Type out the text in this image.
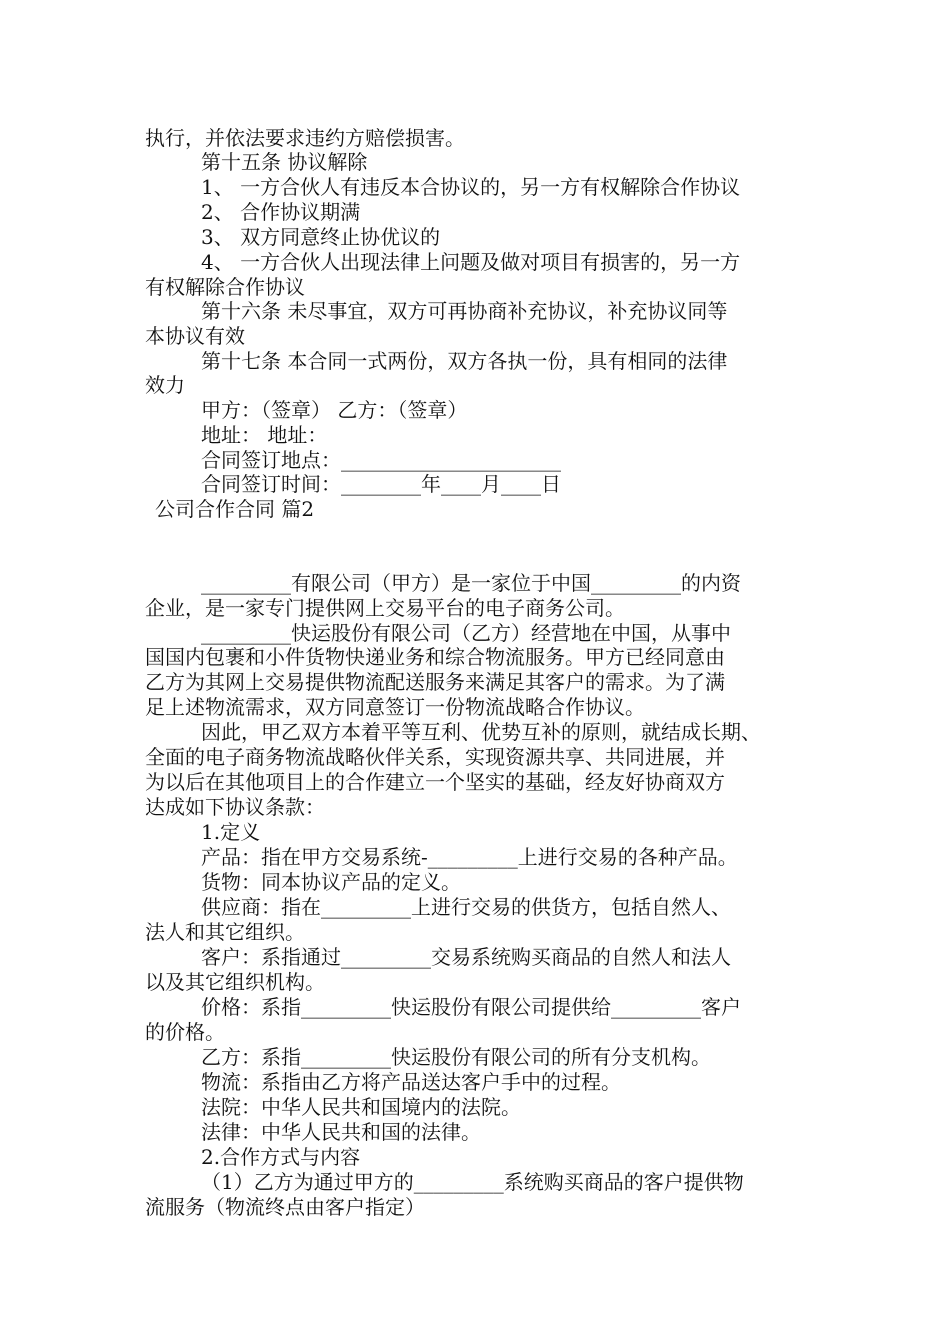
执行，并依法要求违约方赔偿损害。
第十五条 协议解除
1、 一方合伙人有违反本合协议的，另一方有权解除合作协议
2、 合作协议期满
3、 双方同意终止协优议的
4、 一方合伙人出现法律上问题及做对项目有损害的，另一方
有权解除合作协议
第十六条 未尽事宜，双方可再协商补充协议，补充协议同等
本协议有效
第十七条 本合同一式两份，双方各执一份，具有相同的法律
效力
甲方：（签章） 乙方：（签章）
地址： 地址：
合同签订地点：______________________
合同签订时间：________年____月____日
公司合作合同 篇2
_________有限公司（甲方）是一家位于中国_________的内资
企业，是一家专门提供网上交易平台的电子商务公司。
_________快运股份有限公司（乙方）经营地在中国，从事中
国国内包裹和小件货物快递业务和综合物流服务。甲方已经同意由
乙方为其网上交易提供物流配送服务来满足其客户的需求。为了满
足上述物流需求，双方同意签订一份物流战略合作协议。
因此，甲乙双方本着平等互利、优势互补的原则，就结成长期、
全面的电子商务物流战略伙伴关系，实现资源共享、共同进展，并
为以后在其他项目上的合作建立一个坚实的基础，经友好协商双方
达成如下协议条款：
1.定义
产品：指在甲方交易系统-_________上进行交易的各种产品。
货物：同本协议产品的定义。
供应商：指在_________上进行交易的供货方，包括自然人、
法人和其它组织。
客户：系指通过_________交易系统购买商品的自然人和法人
以及其它组织机构。
价格：系指_________快运股份有限公司提供给_________客户
的价格。
乙方：系指_________快运股份有限公司的所有分支机构。
物流：系指由乙方将产品送达客户手中的过程。
法院：中华人民共和国境内的法院。
法律：中华人民共和国的法律。
2.合作方式与内容
（1）乙方为通过甲方的_________系统购买商品的客户提供物
流服务（物流终点由客户指定）
